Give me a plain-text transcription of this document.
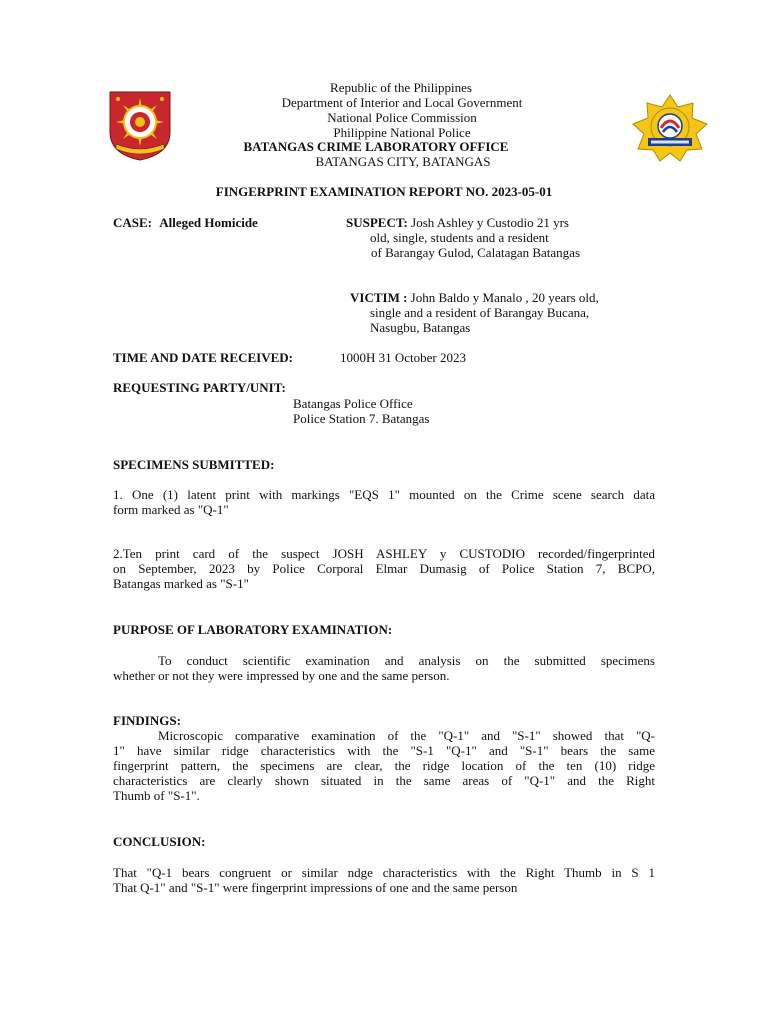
Republic of the Philippines

Department of Interior and Local Government

National Police Commission

Philippine National Police

BATANGAS CRIME LABORATORY OFFICE

BATANGAS CITY, BATANGAS

FINGERPRINT EXAMINATION REPORT NO. 2023-05-01

CASE: Alleged Homicide	SUSPECT: Josh Ashley y Custodio 21 yrs

old, single, students and a resident

of Barangay Gulod, Calatagan Batangas

VICTIM : John Baldo y Manalo , 20 years old,

single and a resident of Barangay Bucana,

Nasugbu, Batangas

TIME AND DATE RECEIVED:	1000H 31 October 2023

REQUESTING PARTY/UNIT:

Batangas Police Office

Police Station 7. Batangas

SPECIMENS SUBMITTED:

1. One (1) latent print with markings "EQS 1" mounted on the Crime scene search data
form marked as "Q-1"
2.Ten print card of the suspect JOSH ASHLEY y CUSTODIO recorded/fingerprinted
on September, 2023 by Police Corporal Elmar Dumasig of Police Station 7, BCPO,
Batangas marked as "S-1"

PURPOSE OF LABORATORY EXAMINATION:

To conduct scientific examination and analysis on the submitted specimens
whether or not they were impressed by one and the same person.

FINDINGS:

Microscopic comparative examination of the "Q-1" and "S-1" showed that "Q-
1" have similar ridge characteristics with the "S-1 "Q-1" and "S-1" bears the same
fingerprint pattern, the specimens are clear, the ridge location of the ten (10) ridge
characteristics are clearly shown situated in the same areas of "Q-1" and the Right
Thumb of "S-1".

CONCLUSION:

That "Q-1 bears congruent or similar ndge characteristics with the Right Thumb in S 1
That Q-1" and "S-1" were fingerprint impressions of one and the same person
